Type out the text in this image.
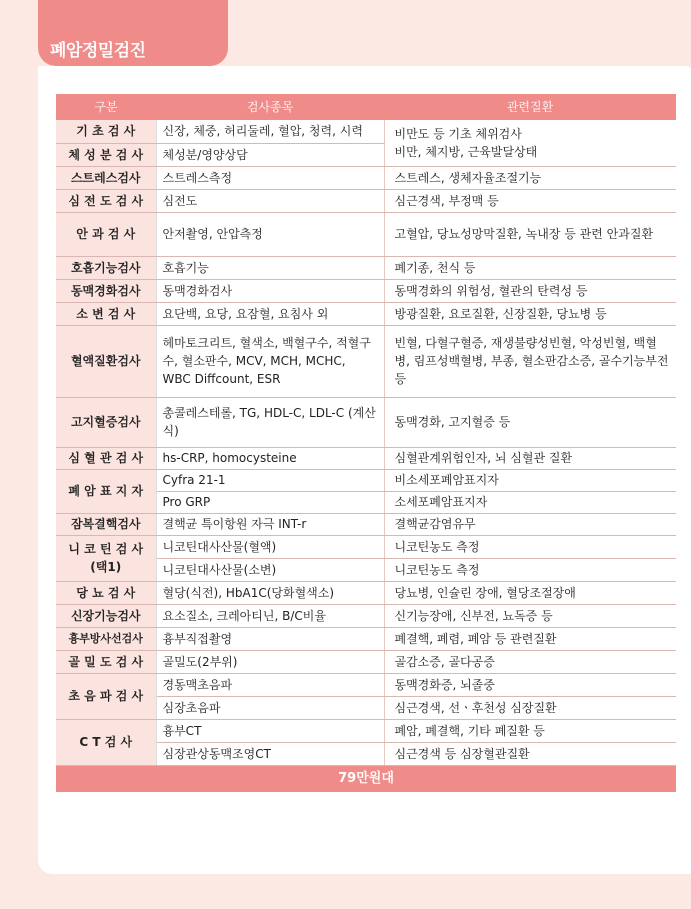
폐암정밀검진
구분	검사종목	관련질환
기 초 검 사	신장, 체중, 허리둘레, 혈압, 청력, 시력	비만도 등 기초 체위검사
비만, 체지방, 근육발달상태

체 성 분 검 사	체성분/영양상담	
스트레스검사	스트레스측정	스트레스, 생체자율조절기능
심 전 도 검 사	심전도	심근경색, 부정맥 등
안 과 검 사	안저촬영, 안압측정	고혈압, 당뇨성망막질환, 녹내장 등 관련 안과질환
호흡기능검사	호흡기능	폐기종, 천식 등
동맥경화검사	동맥경화검사	동맥경화의 위험성, 혈관의 탄력성 등
소 변 검 사	요단백, 요당, 요잠혈, 요침사 외	방광질환, 요로질환, 신장질환, 당뇨병 등
혈액질환검사	헤마토크리트, 혈색소, 백혈구수, 적혈구수, 혈소판수, MCV, MCH, MCHC, WBC Diffcount, ESR	빈혈, 다혈구혈증, 재생불량성빈혈, 악성빈혈, 백혈병, 림프성백혈병, 부종, 혈소판감소증, 골수기능부전 등
고지혈증검사	총콜레스테롤, TG, HDL-C, LDL-C (계산식)	동맥경화, 고지혈증 등
심 혈 관 검 사	hs-CRP, homocysteine	심혈관계위험인자, 뇌 심혈관 질환
폐 암 표 지 자	Cyfra 21-1	비소세포폐암표지자
	Pro GRP	소세포폐암표지자
잠복결핵검사	결핵균 특이항원 자극 INT-r	결핵균감염유무
니 코 틴 검 사 (택1)	니코틴대사산물(혈액)	니코틴농도 측정
	니코틴대사산물(소변)	니코틴농도 측정
당 뇨 검 사	혈당(식전), HbA1C(당화혈색소)	당뇨병, 인슐린 장애, 혈당조절장애
신장기능검사	요소질소, 크레아티닌, B/C비율	신기능장애, 신부전, 뇨독증 등
흉부방사선검사	흉부직접촬영	폐결핵, 폐렴, 폐암 등 관련질환
골 밀 도 검 사	골밀도(2부위)	골감소증, 골다공증
초 음 파 검 사	경동맥초음파	동맥경화증, 뇌졸중
	심장초음파	심근경색, 선ㆍ후천성 심장질환
C T 검 사	흉부CT	폐암, 폐결핵, 기타 폐질환 등
	심장관상동맥조영CT	심근경색 등 심장혈관질환
79만원대		
